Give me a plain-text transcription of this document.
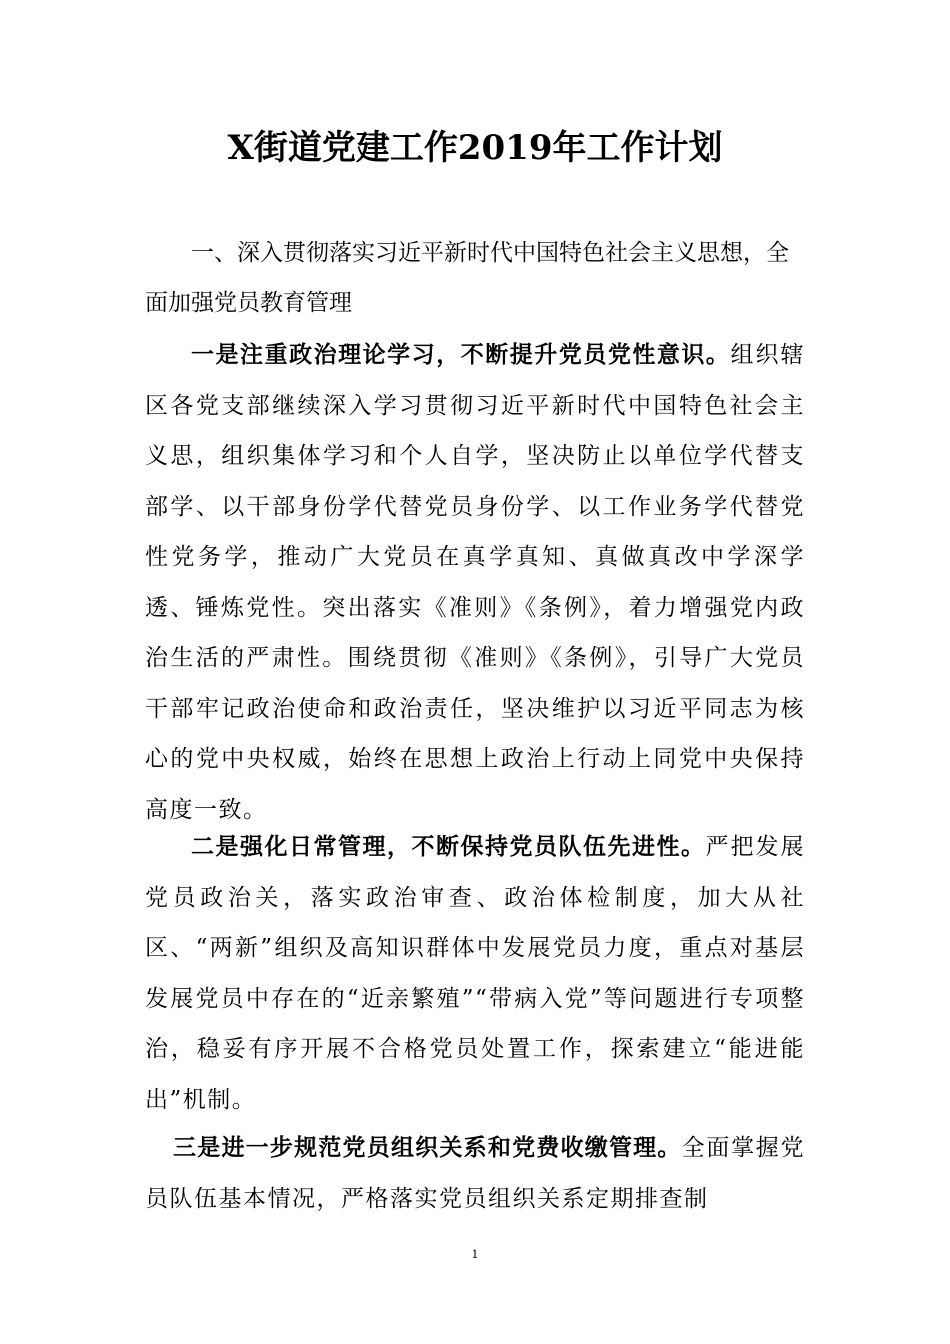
X街道党建工作2019年工作计划

一、深入贯彻落实习近平新时代中国特色社会主义思想，全面加强党员教育管理

一是注重政治理论学习，不断提升党员党性意识。组织辖区各党支部继续深入学习贯彻习近平新时代中国特色社会主义思，组织集体学习和个人自学，坚决防止以单位学代替支部学、以干部身份学代替党员身份学、以工作业务学代替党性党务学，推动广大党员在真学真知、真做真改中学深学透、锤炼党性。突出落实《准则》《条例》，着力增强党内政治生活的严肃性。围绕贯彻《准则》《条例》，引导广大党员干部牢记政治使命和政治责任，坚决维护以习近平同志为核心的党中央权威，始终在思想上政治上行动上同党中央保持高度一致。

二是强化日常管理，不断保持党员队伍先进性。严把发展党员政治关，落实政治审查、政治体检制度，加大从社区、“两新”组织及高知识群体中发展党员力度，重点对基层发展党员中存在的“近亲繁殖”“带病入党”等问题进行专项整治，稳妥有序开展不合格党员处置工作，探索建立“能进能出”机制。

三是进一步规范党员组织关系和党费收缴管理。全面掌握党员队伍基本情况，严格落实党员组织关系定期排查制

1
